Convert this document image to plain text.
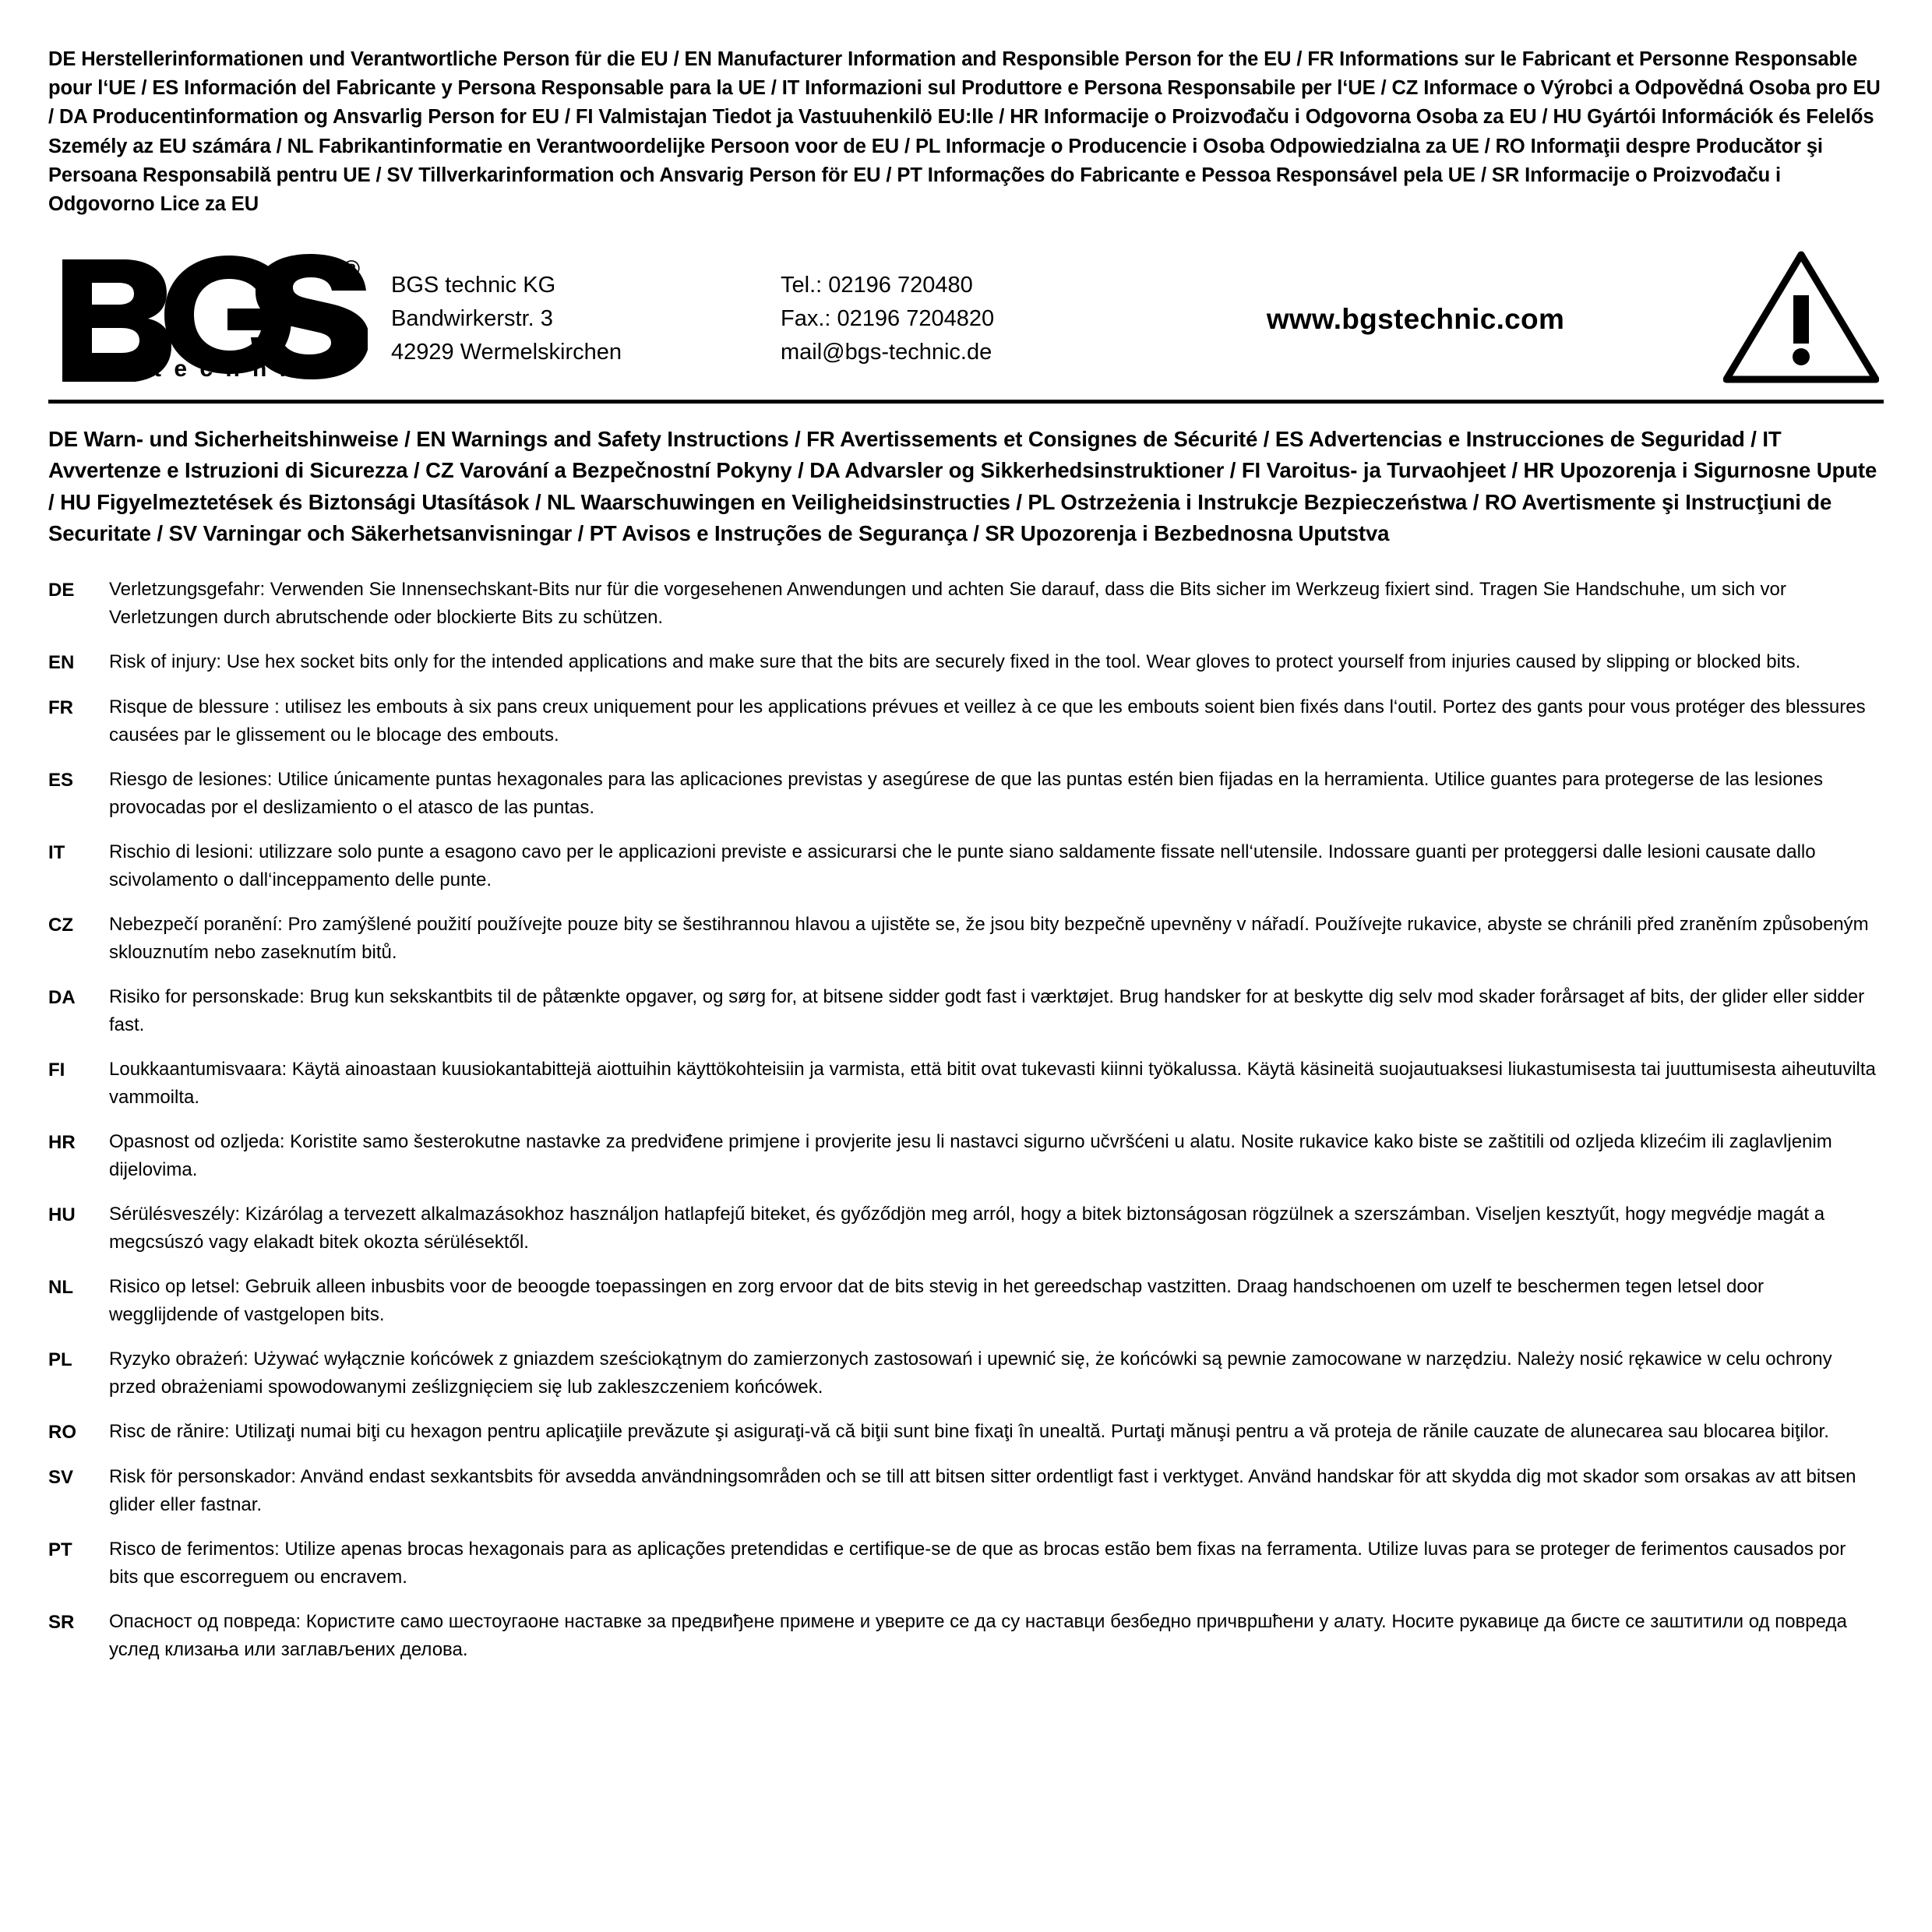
DE Herstellerinformationen und Verantwortliche Person für die EU / EN Manufacturer Information and Responsible Person for the EU / FR Informations sur le Fabricant et Personne Responsable pour l‘UE / ES Información del Fabricante y Persona Responsable para la UE / IT Informazioni sul Produttore e Persona Responsabile per l‘UE / CZ Informace o Výrobci a Odpovědná Osoba pro EU / DA Producentinformation og Ansvarlig Person for EU / FI Valmistajan Tiedot ja Vastuuhenkilö EU:lle / HR Informacije o Proizvođaču i Odgovorna Osoba za EU / HU Gyártói Információk és Felelős Személy az EU számára / NL Fabrikantinformatie en Verantwoordelijke Persoon voor de EU / PL Informacje o Producencie i Osoba Odpowiedzialna za UE / RO Informaţii despre Producător şi Persoana Responsabilă pentru UE / SV Tillverkarinformation och Ansvarig Person för EU / PT Informações do Fabricante e Pessoa Responsável pela UE / SR Informacije o Proizvođaču i Odgovorno Lice za EU
®
t e c h n i c
BGS technic KG
Bandwirkerstr. 3
42929 Wermelskirchen
Tel.: 02196 720480
Fax.: 02196 7204820
mail@bgs-technic.de
www.bgstechnic.com
DE Warn- und Sicherheitshinweise / EN Warnings and Safety Instructions / FR Avertissements et Consignes de Sécurité / ES Advertencias e Instrucciones de Seguridad / IT Avvertenze e Istruzioni di Sicurezza / CZ Varování a Bezpečnostní Pokyny / DA Advarsler og Sikkerhedsinstruktioner / FI Varoitus- ja Turvaohjeet / HR Upozorenja i Sigurnosne Upute / HU Figyelmeztetések és Biztonsági Utasítások / NL Waarschuwingen en Veiligheidsinstructies / PL Ostrzeżenia i Instrukcje Bezpieczeństwa / RO Avertismente şi Instrucţiuni de Securitate / SV Varningar och Säkerhetsanvisningar / PT Avisos e Instruções de Segurança / SR Upozorenja i Bezbednosna Uputstva
DE	Verletzungsgefahr: Verwenden Sie Innensechskant-Bits nur für die vorgesehenen Anwendungen und achten Sie darauf, dass die Bits sicher im Werkzeug fixiert sind. Tragen Sie Handschuhe, um sich vor Verletzungen durch abrutschende oder blockierte Bits zu schützen.
EN	Risk of injury: Use hex socket bits only for the intended applications and make sure that the bits are securely fixed in the tool. Wear gloves to protect yourself from injuries caused by slipping or blocked bits.
FR	Risque de blessure : utilisez les embouts à six pans creux uniquement pour les applications prévues et veillez à ce que les embouts soient bien fixés dans l‘outil. Portez des gants pour vous protéger des blessures causées par le glissement ou le blocage des embouts.
ES	Riesgo de lesiones: Utilice únicamente puntas hexagonales para las aplicaciones previstas y asegúrese de que las puntas estén bien fijadas en la herramienta. Utilice guantes para protegerse de las lesiones provocadas por el deslizamiento o el atasco de las puntas.
IT	Rischio di lesioni: utilizzare solo punte a esagono cavo per le applicazioni previste e assicurarsi che le punte siano saldamente fissate nell‘utensile. Indossare guanti per proteggersi dalle lesioni causate dallo scivolamento o dall‘inceppamento delle punte.
CZ	Nebezpečí poranění: Pro zamýšlené použití používejte pouze bity se šestihrannou hlavou a ujistěte se, že jsou bity bezpečně upevněny v nářadí. Používejte rukavice, abyste se chránili před zraněním způsobeným sklouznutím nebo zaseknutím bitů.
DA	Risiko for personskade: Brug kun sekskantbits til de påtænkte opgaver, og sørg for, at bitsene sidder godt fast i værktøjet. Brug handsker for at beskytte dig selv mod skader forårsaget af bits, der glider eller sidder fast.
FI	Loukkaantumisvaara: Käytä ainoastaan kuusiokantabittejä aiottuihin käyttökohteisiin ja varmista, että bitit ovat tukevasti kiinni työkalussa. Käytä käsineitä suojautuaksesi liukastumisesta tai juuttumisesta aiheutuvilta vammoilta.
HR	Opasnost od ozljeda: Koristite samo šesterokutne nastavke za predviđene primjene i provjerite jesu li nastavci sigurno učvršćeni u alatu. Nosite rukavice kako biste se zaštitili od ozljeda klizećim ili zaglavljenim dijelovima.
HU	Sérülésveszély: Kizárólag a tervezett alkalmazásokhoz használjon hatlapfejű biteket, és győződjön meg arról, hogy a bitek biztonságosan rögzülnek a szerszámban. Viseljen kesztyűt, hogy megvédje magát a megcsúszó vagy elakadt bitek okozta sérülésektől.
NL	Risico op letsel: Gebruik alleen inbusbits voor de beoogde toepassingen en zorg ervoor dat de bits stevig in het gereedschap vastzitten. Draag handschoenen om uzelf te beschermen tegen letsel door wegglijdende of vastgelopen bits.
PL	Ryzyko obrażeń: Używać wyłącznie końcówek z gniazdem sześciokątnym do zamierzonych zastosowań i upewnić się, że końcówki są pewnie zamocowane w narzędziu. Należy nosić rękawice w celu ochrony przed obrażeniami spowodowanymi ześlizgnięciem się lub zakleszczeniem końcówek.
RO	Risc de rănire: Utilizaţi numai biţi cu hexagon pentru aplicaţiile prevăzute şi asiguraţi-vă că biţii sunt bine fixaţi în unealtă. Purtaţi mănuşi pentru a vă proteja de rănile cauzate de alunecarea sau blocarea biţilor.
SV	Risk för personskador: Använd endast sexkantsbits för avsedda användningsområden och se till att bitsen sitter ordentligt fast i verktyget. Använd handskar för att skydda dig mot skador som orsakas av att bitsen glider eller fastnar.
PT	Risco de ferimentos: Utilize apenas brocas hexagonais para as aplicações pretendidas e certifique-se de que as brocas estão bem fixas na ferramenta. Utilize luvas para se proteger de ferimentos causados por bits que escorreguem ou encravem.
SR	Опасност од повреда: Користите само шестоугаоне наставке за предвиђене примене и уверите се да су наставци безбедно причвршћени у алату. Носите рукавице да бисте се заштитили од повреда услед клизања или заглављених делова.
